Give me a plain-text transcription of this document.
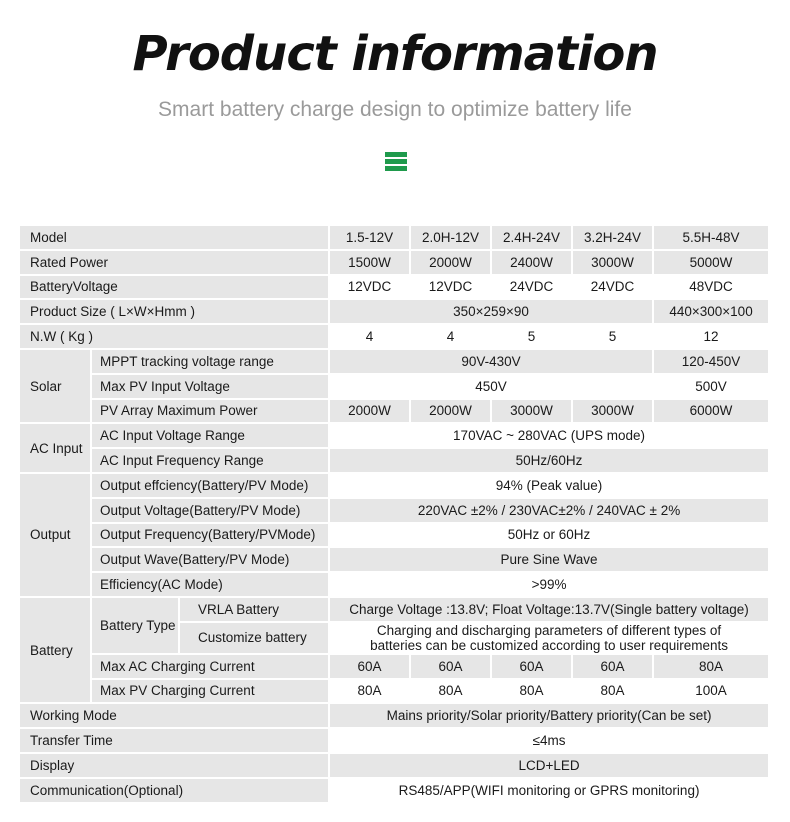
Product information
Smart battery charge design to optimize battery life
Model			1.5-12V	2.0H-12V	2.4H-24V	3.2H-24V	5.5H-48V
Rated Power			1500W	2000W	2400W	3000W	5000W
BatteryVoltage			12VDC	12VDC	24VDC	24VDC	48VDC
Product Size ( L×W×Hmm )			350×259×90				440×300×100
N.W ( Kg )			4	4	5	5	12
Solar	MPPT tracking voltage range		90V-430V				120-450V
	Max PV Input Voltage		450V				500V
	PV Array Maximum Power		2000W	2000W	3000W	3000W	6000W
AC Input	AC Input Voltage Range		170VAC ~ 280VAC (UPS mode)				
	AC Input Frequency Range		50Hz/60Hz				
Output	Output effciency(Battery/PV Mode)		94% (Peak value)				
	Output Voltage(Battery/PV Mode)		220VAC ±2% / 230VAC±2% / 240VAC ± 2%				
	Output Frequency(Battery/PVMode)		50Hz or 60Hz				
	Output Wave(Battery/PV Mode)		Pure Sine Wave				
	Efficiency(AC Mode)		>99%				
Battery	Battery Type	VRLA Battery	Charge Voltage :13.8V; Float Voltage:13.7V(Single battery voltage)				
		Customize battery	Charging and discharging parameters of different types of
batteries can be customized according to user requirements				

	Max AC Charging Current		60A	60A	60A	60A	80A
	Max PV Charging Current		80A	80A	80A	80A	100A
Working Mode			Mains priority/Solar priority/Battery priority(Can be set)				
Transfer Time			≤4ms				
Display			LCD+LED				
Communication(Optional)			RS485/APP(WIFI monitoring or GPRS monitoring)				
